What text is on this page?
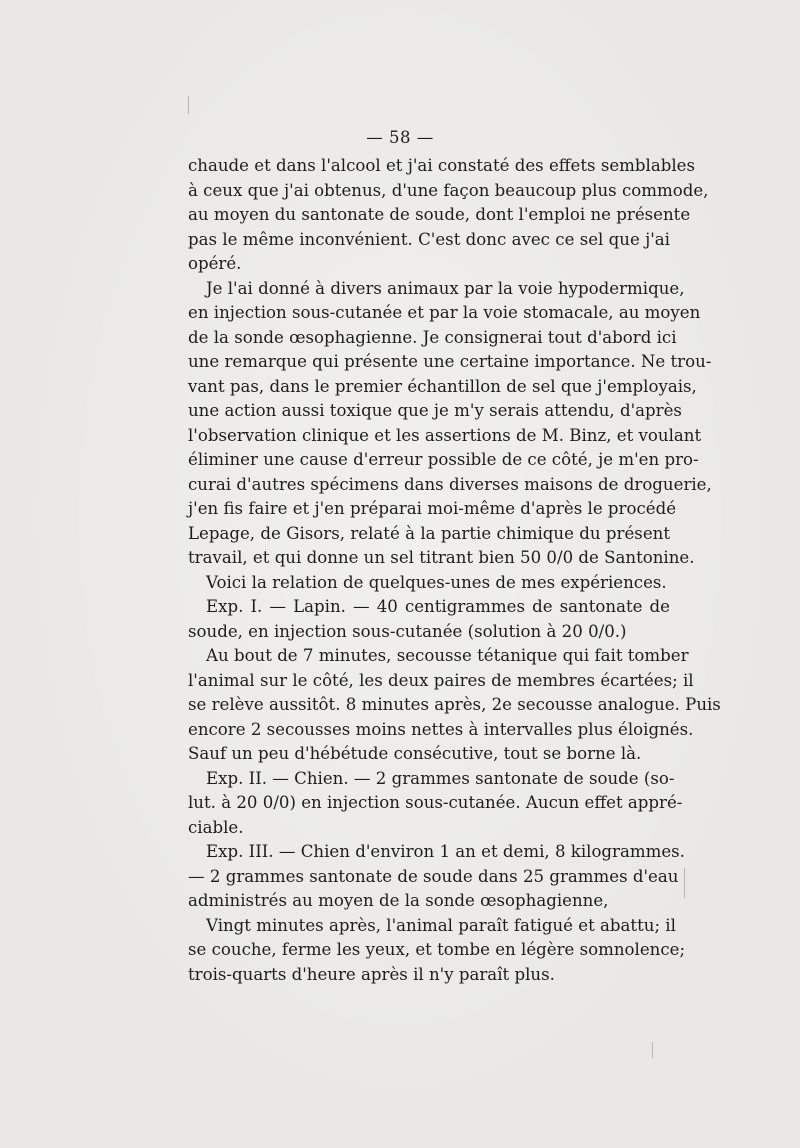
— 58 —
chaude et dans l'alcool et j'ai constaté des effets semblables
à ceux que j'ai obtenus, d'une façon beaucoup plus commode,
au moyen du santonate de soude, dont l'emploi ne présente
pas le même inconvénient. C'est donc avec ce sel que j'ai
opéré.
Je l'ai donné à divers animaux par la voie hypodermique,
en injection sous-cutanée et par la voie stomacale, au moyen
de la sonde œsophagienne. Je consignerai tout d'abord ici
une remarque qui présente une certaine importance. Ne trou-
vant pas, dans le premier échantillon de sel que j'employais,
une action aussi toxique que je m'y serais attendu, d'après
l'observation clinique et les assertions de M. Binz, et voulant
éliminer une cause d'erreur possible de ce côté, je m'en pro-
curai d'autres spécimens dans diverses maisons de droguerie,
j'en fis faire et j'en préparai moi-même d'après le procédé
Lepage, de Gisors, relaté à la partie chimique du présent
travail, et qui donne un sel titrant bien 50 0/0 de Santonine.
Voici la relation de quelques-unes de mes expériences.
Exp. I. — Lapin. — 40 centigrammes de santonate de
soude, en injection sous-cutanée (solution à 20 0/0.)
Au bout de 7 minutes, secousse tétanique qui fait tomber
l'animal sur le côté, les deux paires de membres écartées; il
se relève aussitôt. 8 minutes après, 2e secousse analogue. Puis
encore 2 secousses moins nettes à intervalles plus éloignés.
Sauf un peu d'hébétude consécutive, tout se borne là.
Exp. II. — Chien. — 2 grammes santonate de soude (so-
lut. à 20 0/0) en injection sous-cutanée. Aucun effet appré-
ciable.
Exp. III. — Chien d'environ 1 an et demi, 8 kilogrammes.
— 2 grammes santonate de soude dans 25 grammes d'eau
administrés au moyen de la sonde œsophagienne,
Vingt minutes après, l'animal paraît fatigué et abattu; il
se couche, ferme les yeux, et tombe en légère somnolence;
trois-quarts d'heure après il n'y paraît plus.
